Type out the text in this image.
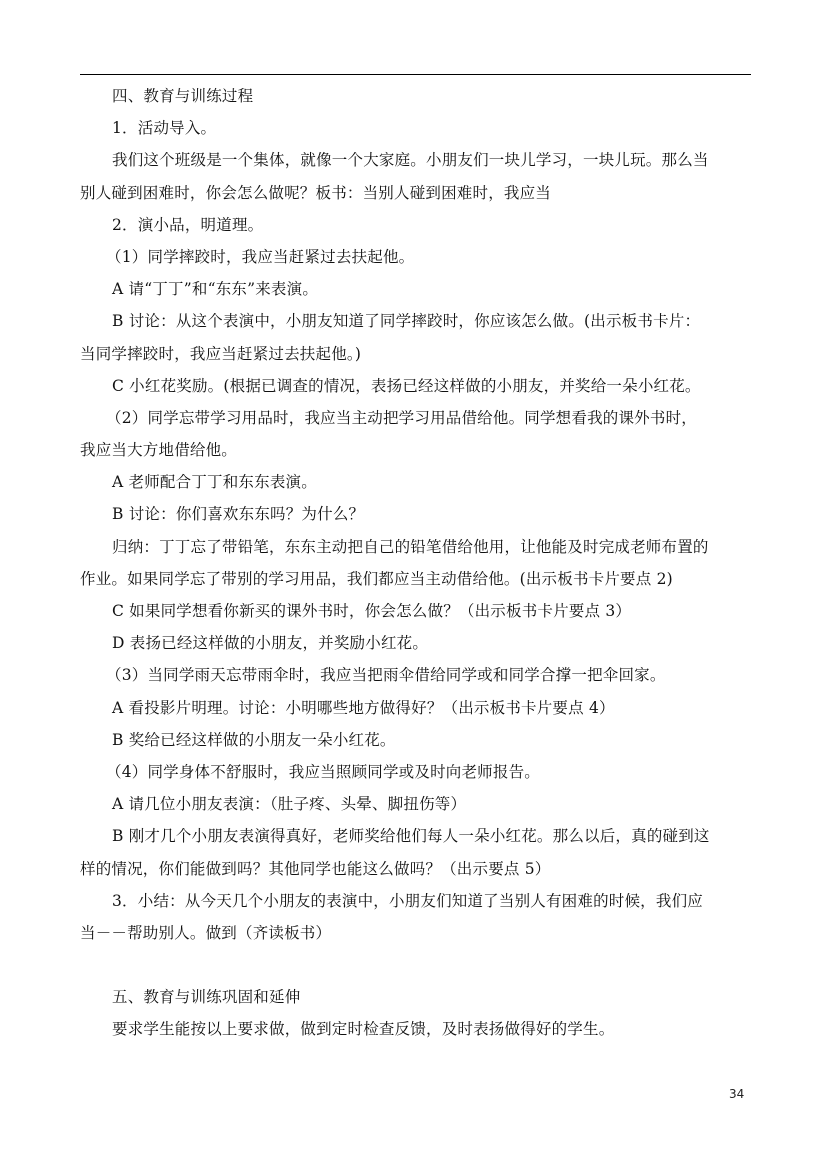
四、教育与训练过程
1．活动导入。
我们这个班级是一个集体，就像一个大家庭。小朋友们一块儿学习，一块儿玩。那么当
别人碰到困难时，你会怎么做呢？板书：当别人碰到困难时，我应当
2．演小品，明道理。
（1）同学摔跤时，我应当赶紧过去扶起他。
A 请“丁丁”和“东东”来表演。
B 讨论：从这个表演中，小朋友知道了同学摔跤时，你应该怎么做。(出示板书卡片：
当同学摔跤时，我应当赶紧过去扶起他。)
C 小红花奖励。(根据已调查的情况，表扬已经这样做的小朋友，并奖给一朵小红花。
（2）同学忘带学习用品时，我应当主动把学习用品借给他。同学想看我的课外书时，
我应当大方地借给他。
A 老师配合丁丁和东东表演。
B 讨论：你们喜欢东东吗？为什么？
归纳：丁丁忘了带铅笔，东东主动把自己的铅笔借给他用，让他能及时完成老师布置的
作业。如果同学忘了带别的学习用品，我们都应当主动借给他。(出示板书卡片要点 2)
C 如果同学想看你新买的课外书时，你会怎么做？（出示板书卡片要点 3）
D 表扬已经这样做的小朋友，并奖励小红花。
（3）当同学雨天忘带雨伞时，我应当把雨伞借给同学或和同学合撑一把伞回家。
A 看投影片明理。讨论：小明哪些地方做得好？（出示板书卡片要点 4）
B 奖给已经这样做的小朋友一朵小红花。
（4）同学身体不舒服时，我应当照顾同学或及时向老师报告。
A 请几位小朋友表演：（肚子疼、头晕、脚扭伤等）
B 刚才几个小朋友表演得真好，老师奖给他们每人一朵小红花。那么以后，真的碰到这
样的情况，你们能做到吗？其他同学也能这么做吗？（出示要点 5）
3．小结：从今天几个小朋友的表演中，小朋友们知道了当别人有困难的时候，我们应
当－－帮助别人。做到（齐读板书）
五、教育与训练巩固和延伸
要求学生能按以上要求做，做到定时检查反馈，及时表扬做得好的学生。
34
